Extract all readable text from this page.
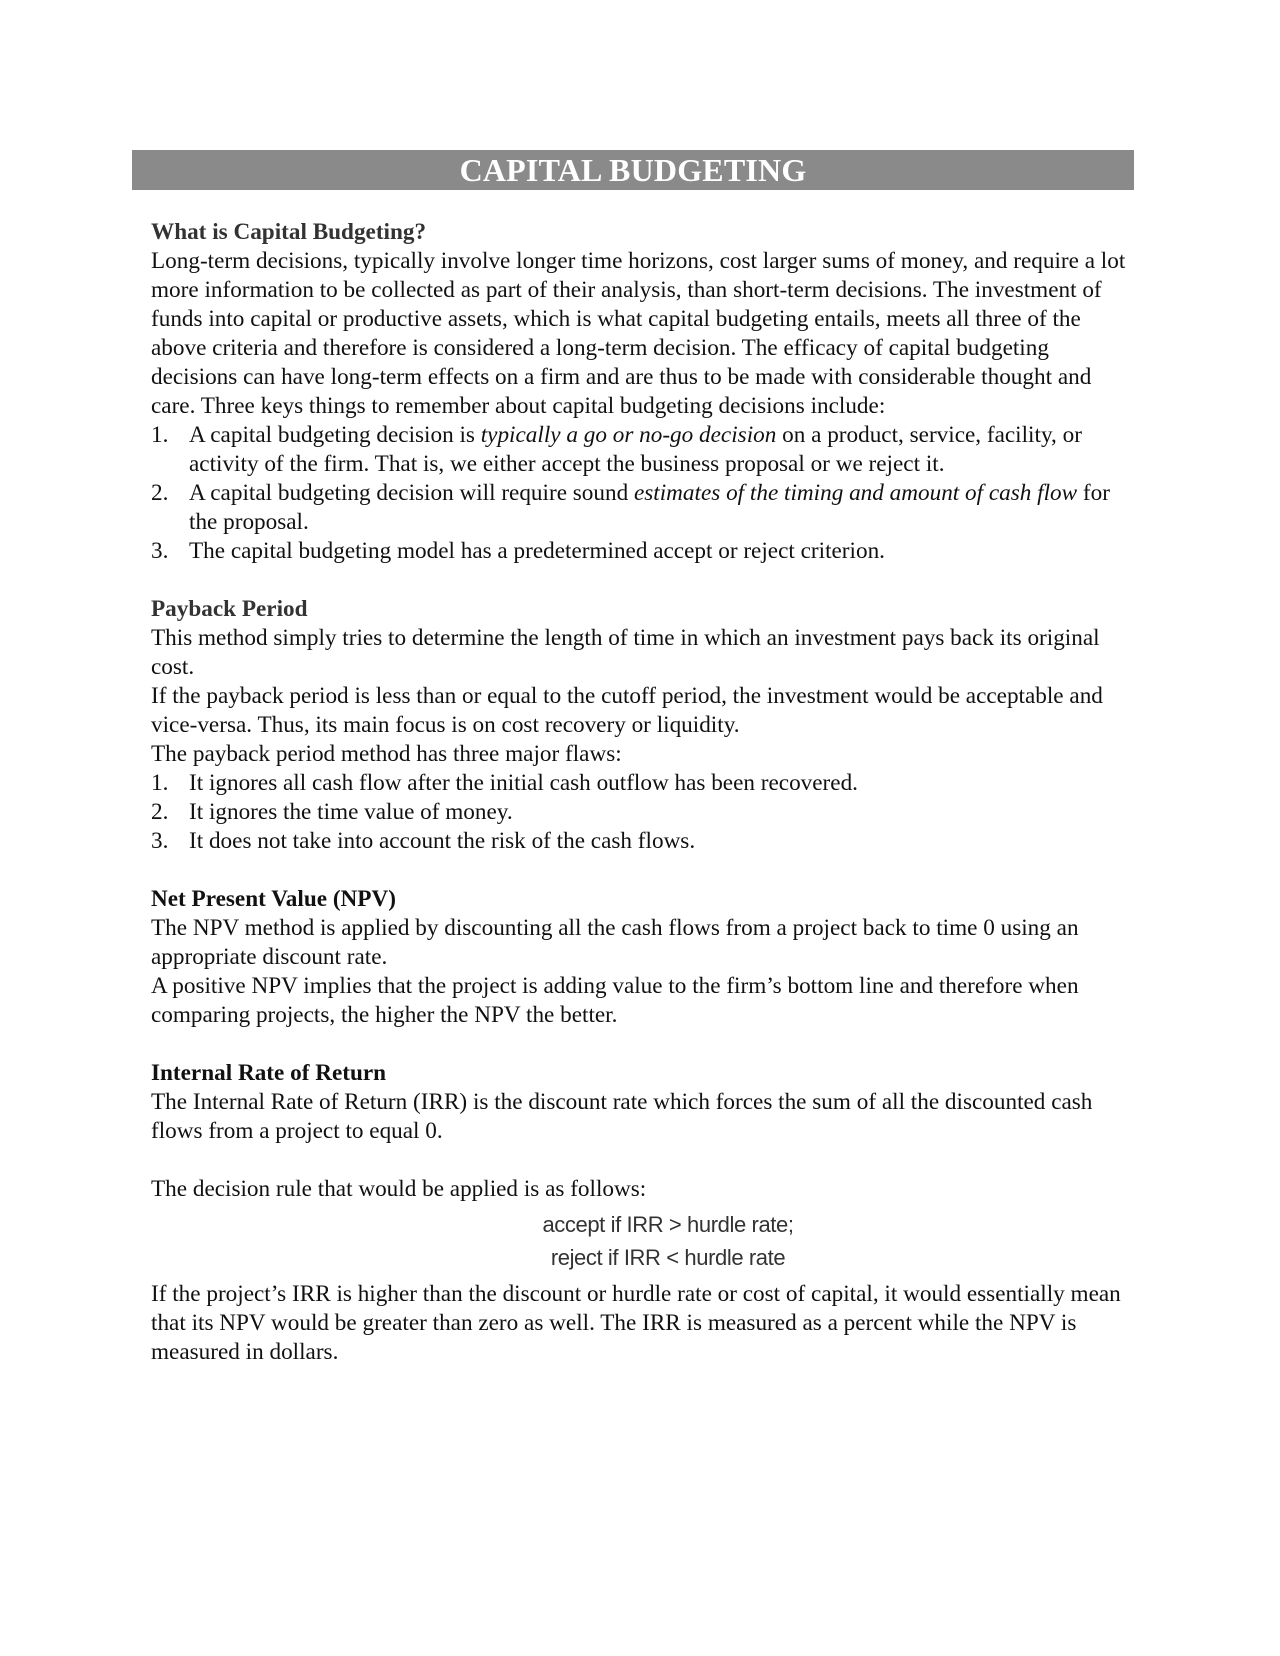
CAPITAL BUDGETING

What is Capital Budgeting?

Long-term decisions, typically involve longer time horizons, cost larger sums of money, and require a lot more information to be collected as part of their analysis, than short-term decisions. The investment of funds into capital or productive assets, which is what capital budgeting entails, meets all three of the above criteria and therefore is considered a long-term decision. The efficacy of capital budgeting decisions can have long-term effects on a firm and are thus to be made with considerable thought and care. Three keys things to remember about capital budgeting decisions include:

1. A capital budgeting decision is typically a go or no-go decision on a product, service, facility, or activity of the firm. That is, we either accept the business proposal or we reject it.
2. A capital budgeting decision will require sound estimates of the timing and amount of cash flow for the proposal.
3. The capital budgeting model has a predetermined accept or reject criterion.

Payback Period

This method simply tries to determine the length of time in which an investment pays back its original cost.

If the payback period is less than or equal to the cutoff period, the investment would be acceptable and vice-versa. Thus, its main focus is on cost recovery or liquidity.

The payback period method has three major flaws:

1. It ignores all cash flow after the initial cash outflow has been recovered.
2. It ignores the time value of money.
3. It does not take into account the risk of the cash flows.

Net Present Value (NPV)

The NPV method is applied by discounting all the cash flows from a project back to time 0 using an appropriate discount rate.

A positive NPV implies that the project is adding value to the firm’s bottom line and therefore when comparing projects, the higher the NPV the better.

Internal Rate of Return

The Internal Rate of Return (IRR) is the discount rate which forces the sum of all the discounted cash flows from a project to equal 0.

The decision rule that would be applied is as follows:

accept if IRR > hurdle rate;
reject if IRR < hurdle rate

If the project’s IRR is higher than the discount or hurdle rate or cost of capital, it would essentially mean that its NPV would be greater than zero as well. The IRR is measured as a percent while the NPV is measured in dollars.
